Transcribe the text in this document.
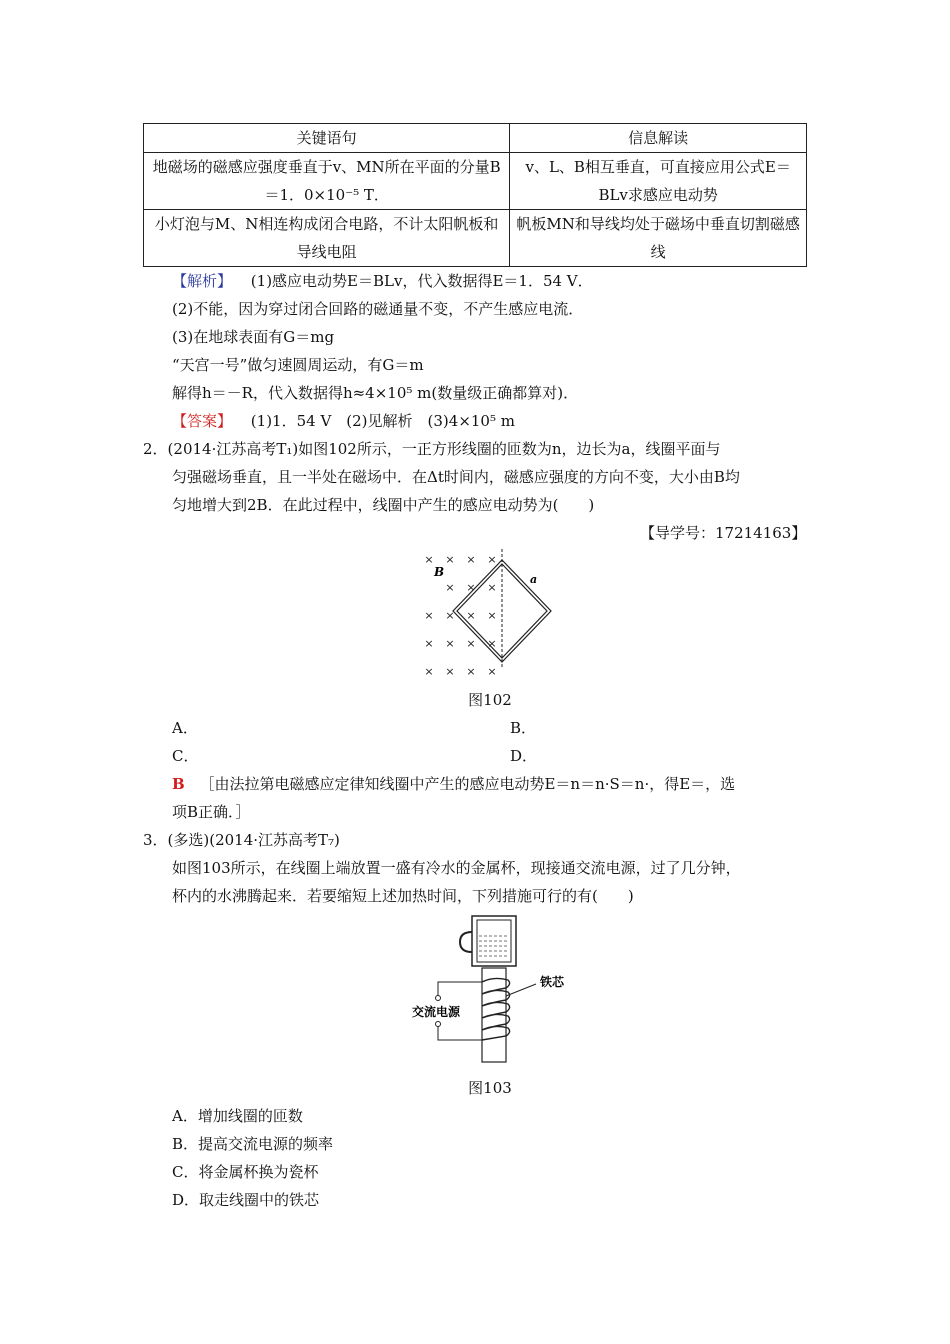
关键语句	信息解读
地磁场的磁感应强度垂直于v、MN所在平面的分量B＝1．0×10⁻⁵ T．	v、L、B相互垂直，可直接应用公式E＝BLv求感应电动势
小灯泡与M、N相连构成闭合电路，不计太阳帆板和导线电阻	帆板MN和导线均处于磁场中垂直切割磁感线
【解析】 (1)感应电动势E＝BLv，代入数据得E＝1．54 V．
(2)不能，因为穿过闭合回路的磁通量不变，不产生感应电流．
(3)在地球表面有G＝mg
“天宫一号”做匀速圆周运动，有G＝m
解得h＝－R，代入数据得h≈4×10⁵ m(数量级正确都算对)．
【答案】 (1)1．54 V　(2)见解析　(3)4×10⁵ m
2．(2014·江苏高考T₁)如图102所示，一正方形线圈的匝数为n，边长为a，线圈平面与
匀强磁场垂直，且一半处在磁场中．在Δt时间内，磁感应强度的方向不变，大小由B均
匀地增大到2B．在此过程中，线圈中产生的感应电动势为(　　)
【导学号：17214163】
× × × ×
× × ×
× × × ×
× × × ×
× × × ×
B
a
图102
A．	B．
C．	D．
B ［由法拉第电磁感应定律知线圈中产生的感应电动势E＝n＝n·S＝n·，得E＝，选
项B正确．］
3．(多选)(2014·江苏高考T₇)
如图103所示，在线圈上端放置一盛有冷水的金属杯，现接通交流电源，过了几分钟，
杯内的水沸腾起来．若要缩短上述加热时间，下列措施可行的有(　　)
铁芯
交流电源
图103
A．增加线圈的匝数
B．提高交流电源的频率
C．将金属杯换为瓷杯
D．取走线圈中的铁芯
